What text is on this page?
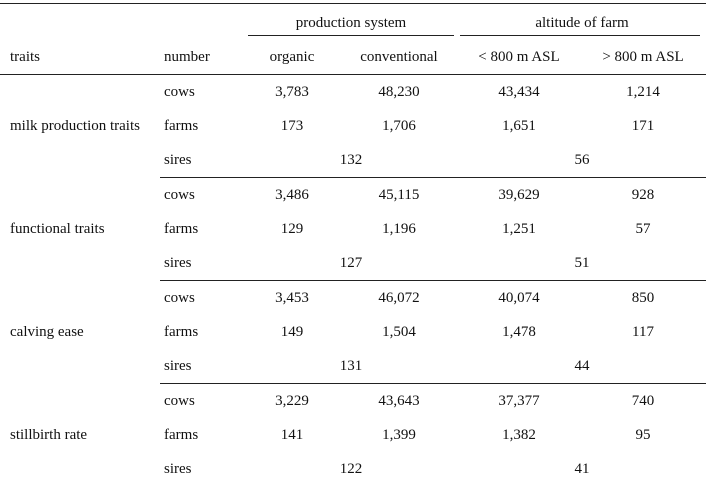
		production system		altitude of farm	
traits	number	organic	conventional	< 800 m ASL	> 800 m ASL
milk production traits	cows	3,783	48,230	43,434	1,214
	farms	173	1,706	1,651	171
	sires	132		56	
functional traits	cows	3,486	45,115	39,629	928
	farms	129	1,196	1,251	57
	sires	127		51	
calving ease	cows	3,453	46,072	40,074	850
	farms	149	1,504	1,478	117
	sires	131		44	
stillbirth rate	cows	3,229	43,643	37,377	740
	farms	141	1,399	1,382	95
	sires	122		41	
